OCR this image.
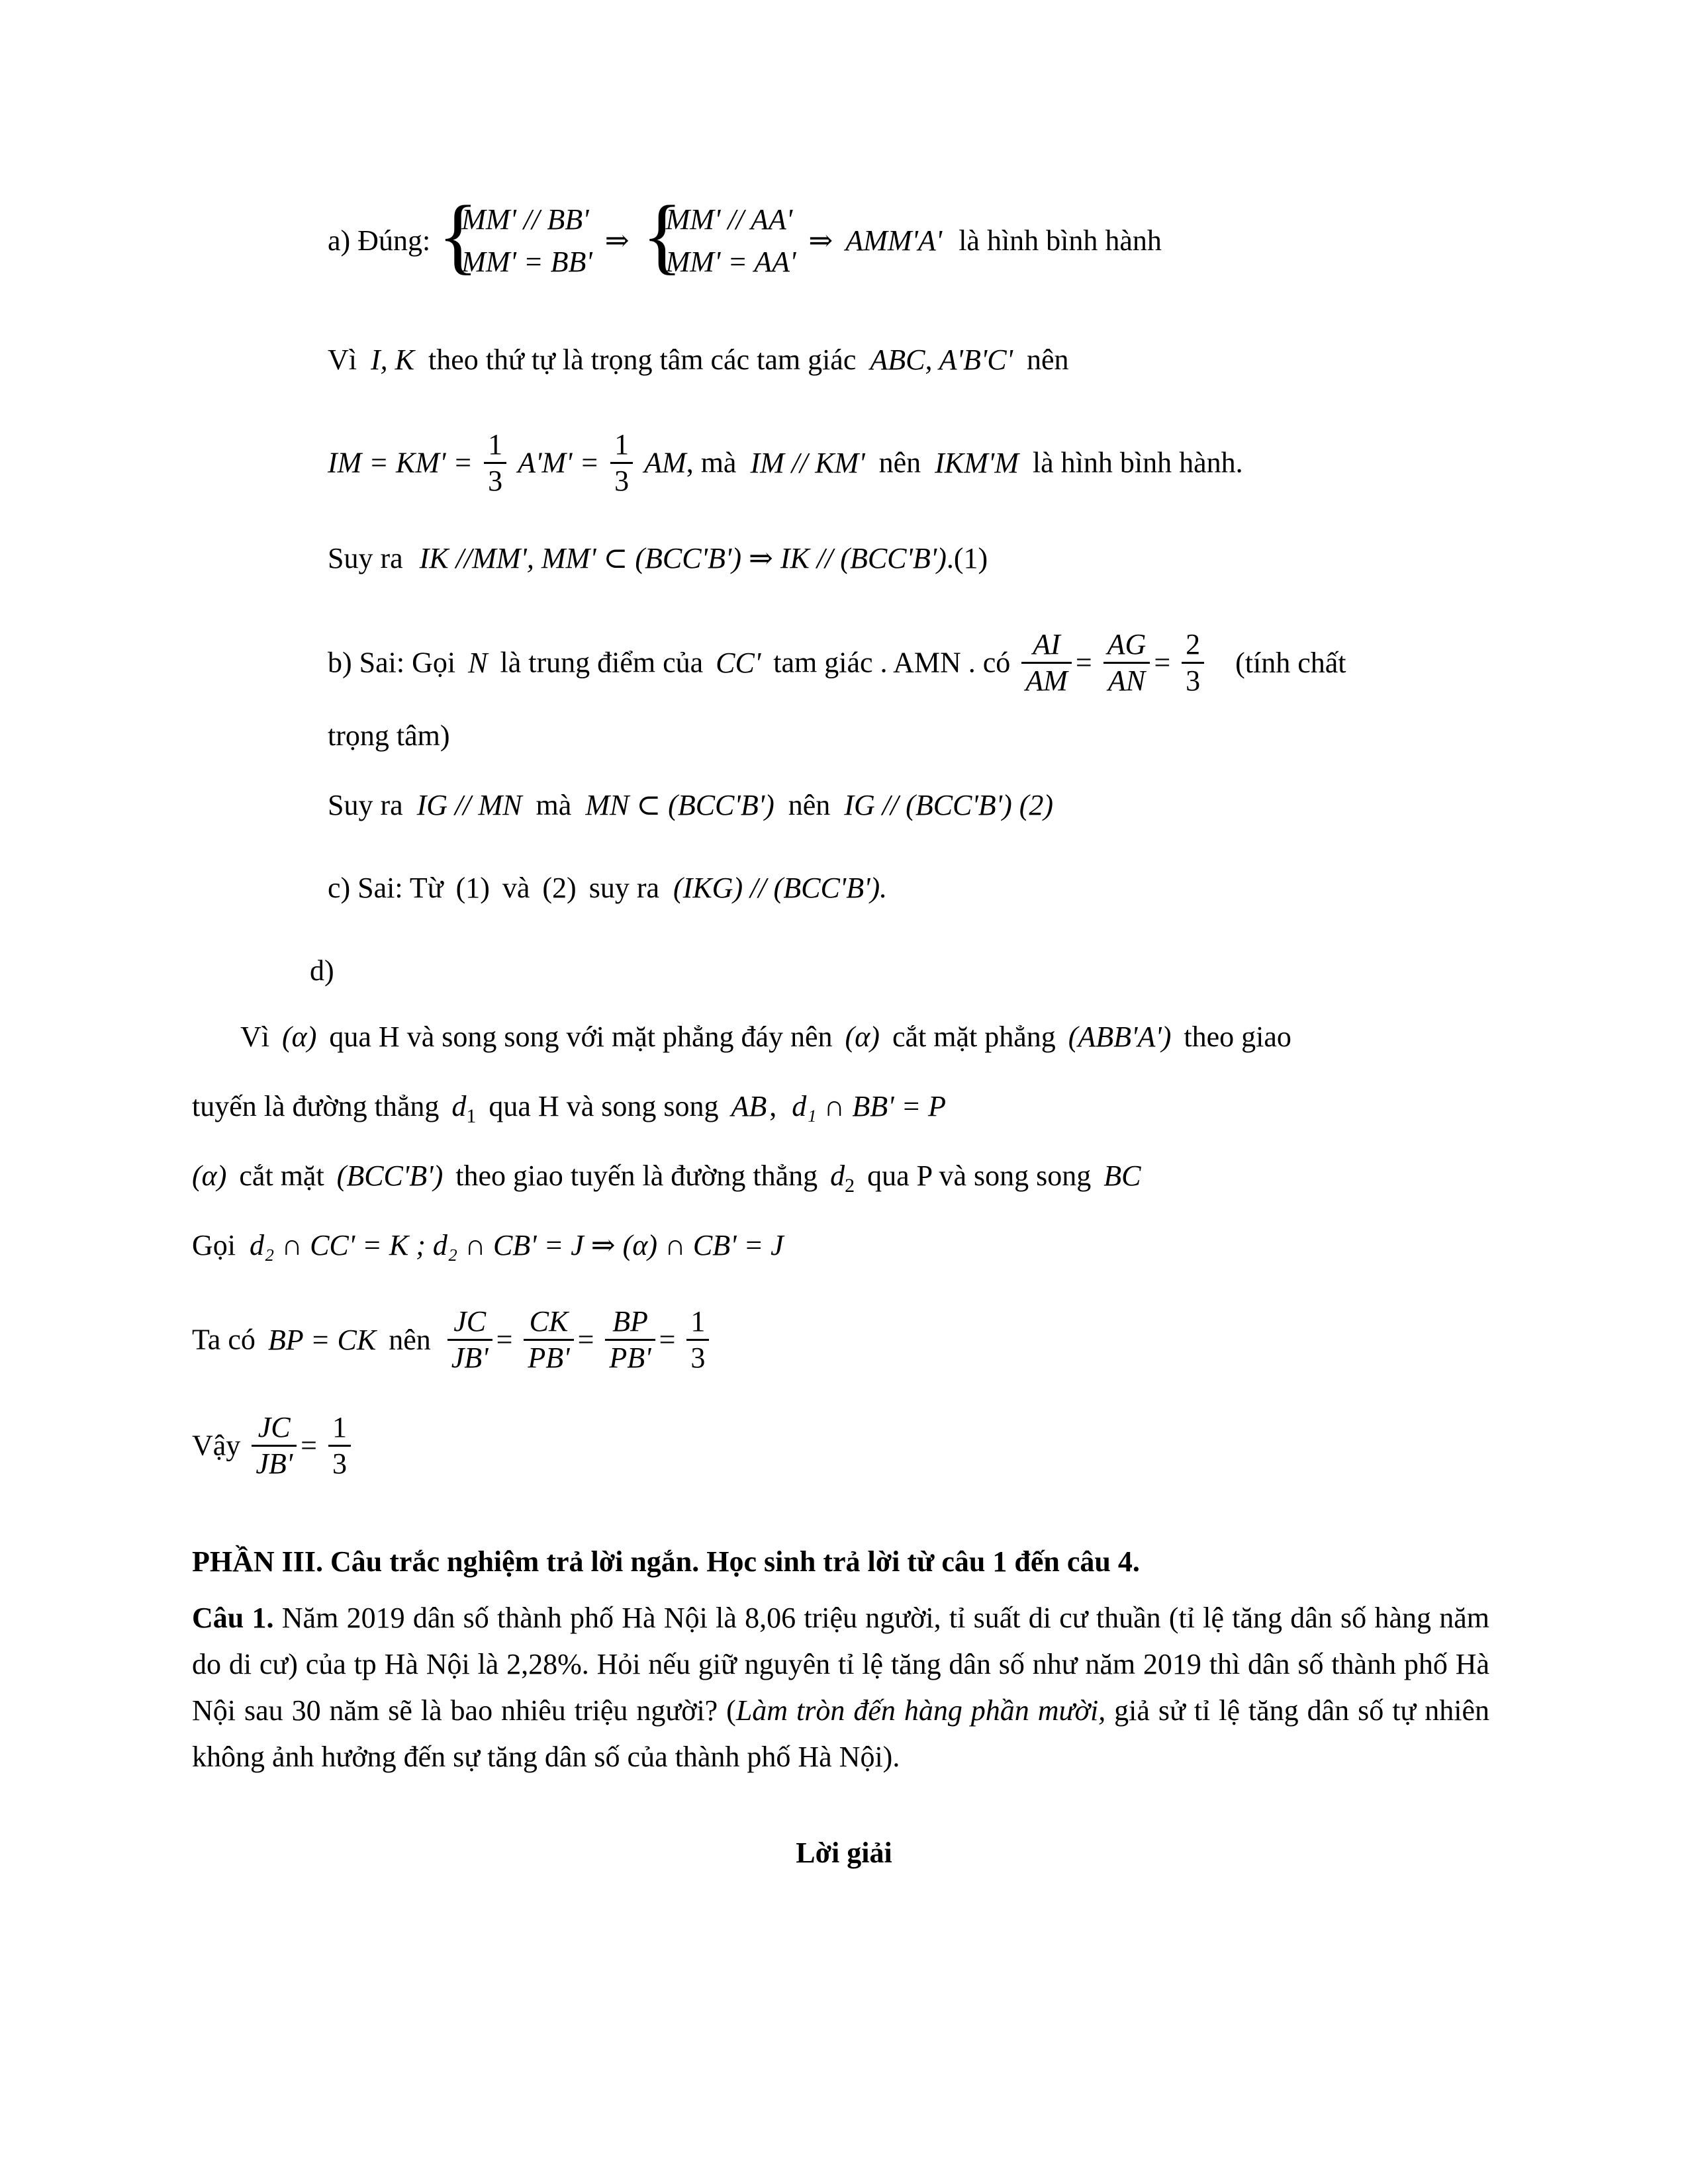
a) Đúng: {
MM' // BB'
MM' = BB'
⇒ {
MM' // AA'
MM' = AA'
⇒ AMM'A' là hình bình hành
Vì I, K theo thứ tự là trọng tâm các tam giác ABC, A'B'C' nên
IM = $KM' = \frac{1}{3} A'M' = \frac{1}{3}$ AM, mà IM // KM' nên IKM'M là hình bình hành.
Suy ra IK //MM', MM' ⊂ (BCC'B') ⇒ IK // (BCC'B').(1)
b) Sai: Gọi N là trung điểm của CC' tam giác . AMN . có $\frac{AI}{AM} = \frac{AG}{AN} = \frac{2}{3}$ (tính chất
trọng tâm)
Suy ra IG // MN mà MN ⊂ (BCC'B') nên IG // (BCC'B') (2)
c) Sai: Từ (1) và (2) suy ra (IKG) // (BCC'B').
d)
Vì (α) qua H và song song với mặt phẳng đáy nên (α) cắt mặt phẳng (ABB'A') theo giao
tuyến là đường thẳng $d_1$ qua H và song song AB, d₁ ∩ BB' = P
(α) cắt mặt (BCC'B') theo giao tuyến là đường thẳng $d_2$ qua P và song song BC
Gọi d₂ ∩ CC' = K ; d₂ ∩ CB' = J ⇒ (α) ∩ CB' = J
Ta có BP = CK nên $\frac{JC}{JB'} = \frac{CK}{PB'} = \frac{BP}{PB'} = \frac{1}{3}$
Vậy $\frac{JC}{JB'} = \frac{1}{3}$
PHẦN III. Câu trắc nghiệm trả lời ngắn. Học sinh trả lời từ câu 1 đến câu 4.
Câu 1. Năm 2019 dân số thành phố Hà Nội là 8,06 triệu người, tỉ suất di cư thuần (tỉ lệ tăng dân số hàng năm do di cư) của tp Hà Nội là 2,28%. Hỏi nếu giữ nguyên tỉ lệ tăng dân số như năm 2019 thì dân số thành phố Hà Nội sau 30 năm sẽ là bao nhiêu triệu người? (Làm tròn đến hàng phần mười, giả sử tỉ lệ tăng dân số tự nhiên không ảnh hưởng đến sự tăng dân số của thành phố Hà Nội).
Lời giải
